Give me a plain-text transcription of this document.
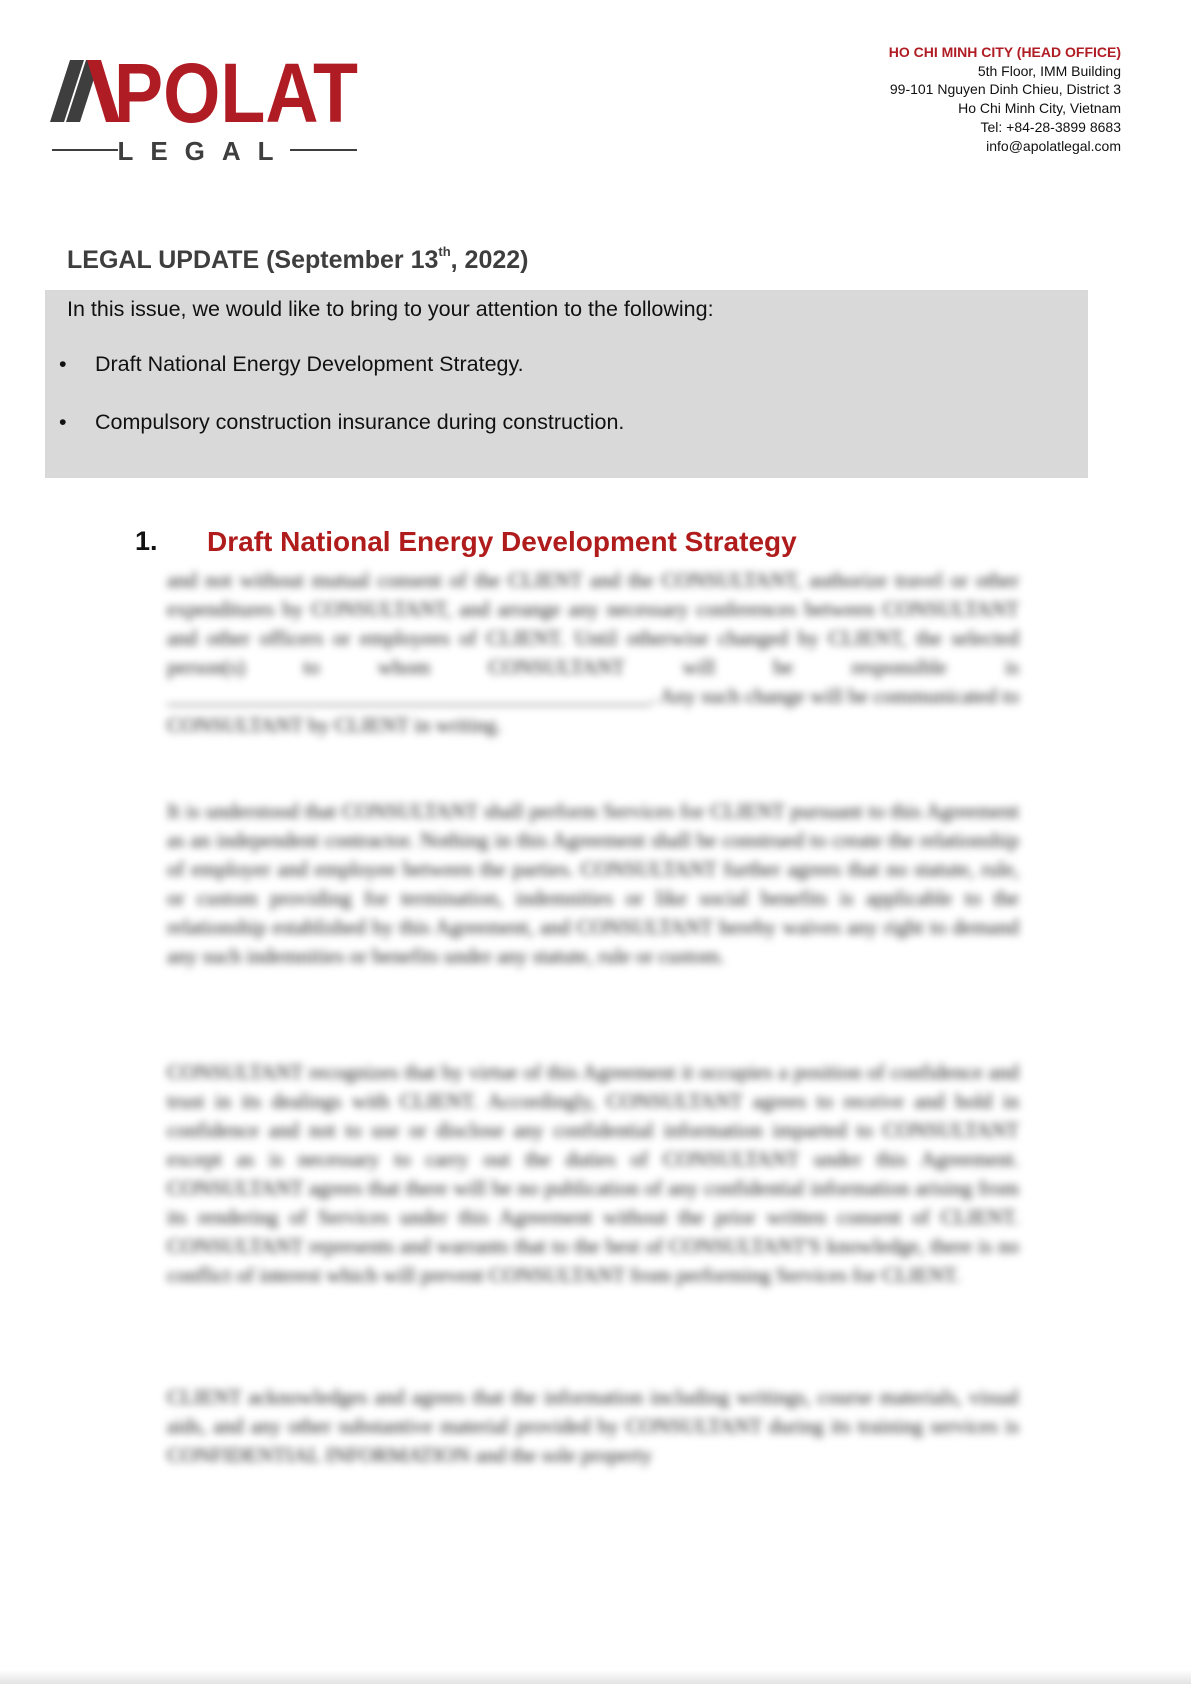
POLAT
LEGAL
HO CHI MINH CITY (HEAD OFFICE)
5th Floor, IMM Building
99-101 Nguyen Dinh Chieu, District 3
Ho Chi Minh City, Vietnam
Tel: +84-28-3899 8683
info@apolatlegal.com
LEGAL UPDATE (September 13th, 2022)
In this issue, we would like to bring to your attention to the following:
• Draft National Energy Development Strategy.
• Compulsory construction insurance during construction.
1. Draft National Energy Development Strategy
and not without mutual consent of the CLIENT and the CONSULTANT, authorize travel or other expenditures by CONSULTANT, and arrange any necessary conferences between CONSULTANT and other officers or employees of CLIENT. Until otherwise changed by CLIENT, the selected person(s) to whom CONSULTANT will be responsible is ______________________________________________. Any such change will be communicated to CONSULTANT by CLIENT in writing.
It is understood that CONSULTANT shall perform Services for CLIENT pursuant to this Agreement as an independent contractor. Nothing in this Agreement shall be construed to create the relationship of employer and employee between the parties. CONSULTANT further agrees that no statute, rule, or custom providing for termination, indemnities or like social benefits is applicable to the relationship established by this Agreement, and CONSULTANT hereby waives any right to demand any such indemnities or benefits under any statute, rule or custom.
CONSULTANT recognizes that by virtue of this Agreement it occupies a position of confidence and trust in its dealings with CLIENT. Accordingly, CONSULTANT agrees to receive and hold in confidence and not to use or disclose any confidential information imparted to CONSULTANT except as is necessary to carry out the duties of CONSULTANT under this Agreement. CONSULTANT agrees that there will be no publication of any confidential information arising from its rendering of Services under this Agreement without the prior written consent of CLIENT. CONSULTANT represents and warrants that to the best of CONSULTANT'S knowledge, there is no conflict of interest which will prevent CONSULTANT from performing Services for CLIENT.
CLIENT acknowledges and agrees that the information including writings, course materials, visual aids, and any other substantive material provided by CONSULTANT during its training services is CONFIDENTIAL INFORMATION and the sole property
